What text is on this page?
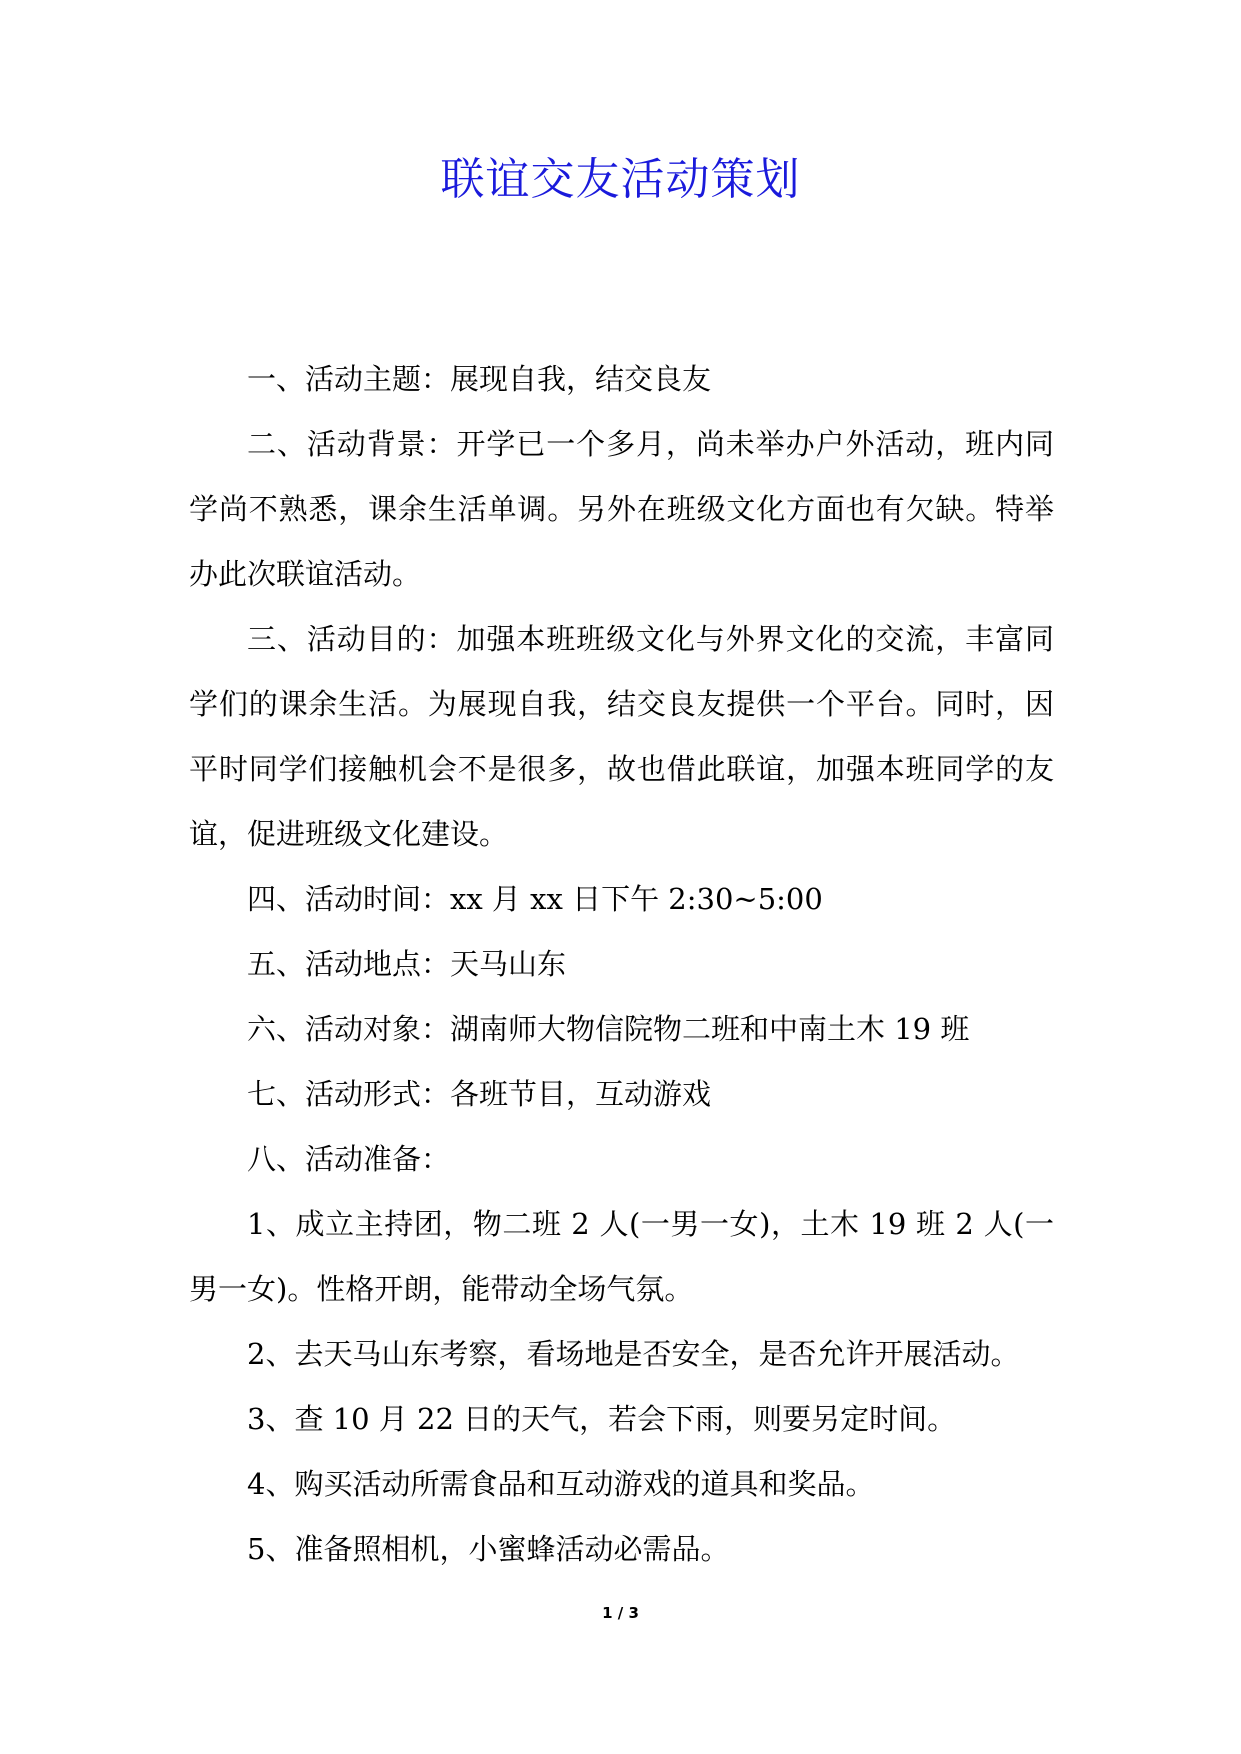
联谊交友活动策划

一、活动主题：展现自我，结交良友

二、活动背景：开学已一个多月，尚未举办户外活动，班内同学尚不熟悉，课余生活单调。另外在班级文化方面也有欠缺。特举办此次联谊活动。

三、活动目的：加强本班班级文化与外界文化的交流，丰富同学们的课余生活。为展现自我，结交良友提供一个平台。同时，因平时同学们接触机会不是很多，故也借此联谊，加强本班同学的友谊，促进班级文化建设。

四、活动时间：xx 月 xx 日下午 2:30~5:00

五、活动地点：天马山东

六、活动对象：湖南师大物信院物二班和中南土木 19 班

七、活动形式：各班节目，互动游戏

八、活动准备：

1、成立主持团，物二班 2 人(一男一女)，土木 19 班 2 人(一男一女)。性格开朗，能带动全场气氛。

2、去天马山东考察，看场地是否安全，是否允许开展活动。

3、查 10 月 22 日的天气，若会下雨，则要另定时间。

4、购买活动所需食品和互动游戏的道具和奖品。

5、准备照相机，小蜜蜂活动必需品。

1 / 3
